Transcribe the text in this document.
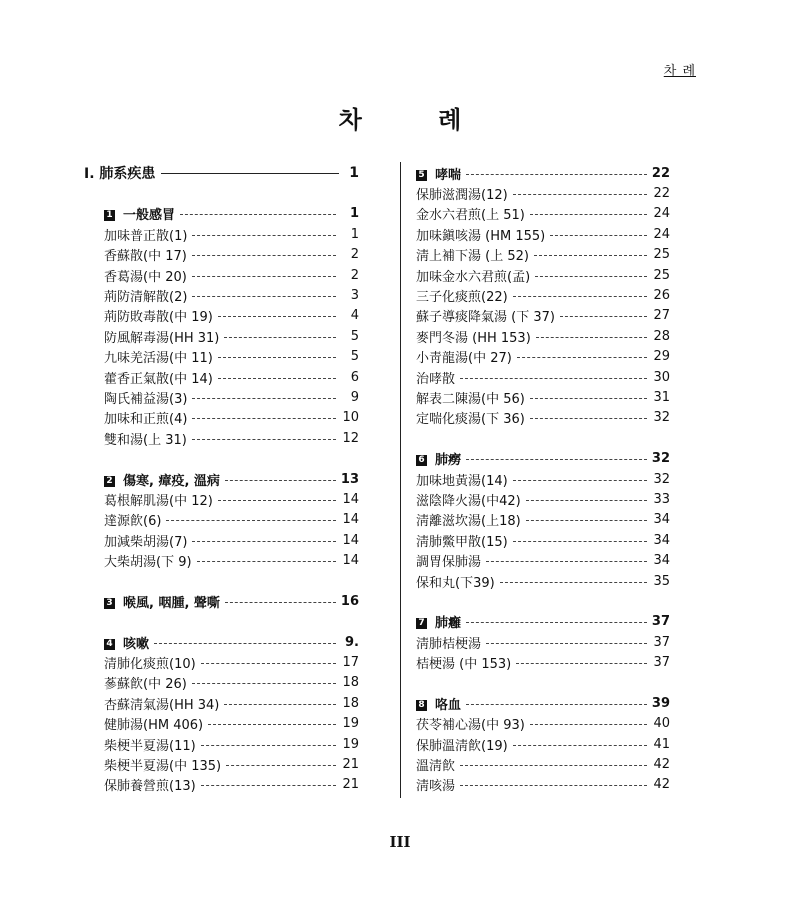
차 례
차 례
Ⅰ. 肺系疾患	1
1 一般感冒	1
加味普正散(1)	1
香蘇散(中 17)	2
香葛湯(中 20)	2
荊防清解散(2)	3
荊防敗毒散(中 19)	4
防風解毒湯(HH 31)	5
九味羌活湯(中 11)	5
藿香正氣散(中 14)	6
陶氏補益湯(3)	9
加味和正煎(4)	10
雙和湯(上 31)	12
2 傷寒, 瘴疫, 溫病	13
葛根解肌湯(中 12)	14
達源飮(6)	14
加減柴胡湯(7)	14
大柴胡湯(下 9)	14
3 喉風, 咽腫, 聲嘶	16
4 咳嗽	9.
清肺化痰煎(10)	17
蔘蘇飮(中 26)	18
杏蘇淸氣湯(HH 34)	18
健肺湯(HM 406)	19
柴梗半夏湯(11)	19
柴梗半夏湯(中 135)	21
保肺養營煎(13)	21
5 哮喘	22
保肺滋潤湯(12)	22
金水六君煎(上 51)	24
加味鎭咳湯 (HM 155)	24
淸上補下湯 (上 52)	25
加味金水六君煎(孟)	25
三子化痰煎(22)	26
蘇子導痰降氣湯 (下 37)	27
麥門冬湯 (HH 153)	28
小靑龍湯(中 27)	29
治哮散	30
解表二陳湯(中 56)	31
定喘化痰湯(下 36)	32
6 肺癆	32
加味地黃湯(14)	32
滋陰降火湯(中42)	33
淸離滋坎湯(上18)	34
淸肺鱉甲散(15)	34
調胃保肺湯	34
保和丸(下39)	35
7 肺癰	37
淸肺桔梗湯	37
桔梗湯 (中 153)	37
8 咯血	39
茯苓補心湯(中 93)	40
保肺溫淸飮(19)	41
溫淸飮	42
淸咳湯	42
III
